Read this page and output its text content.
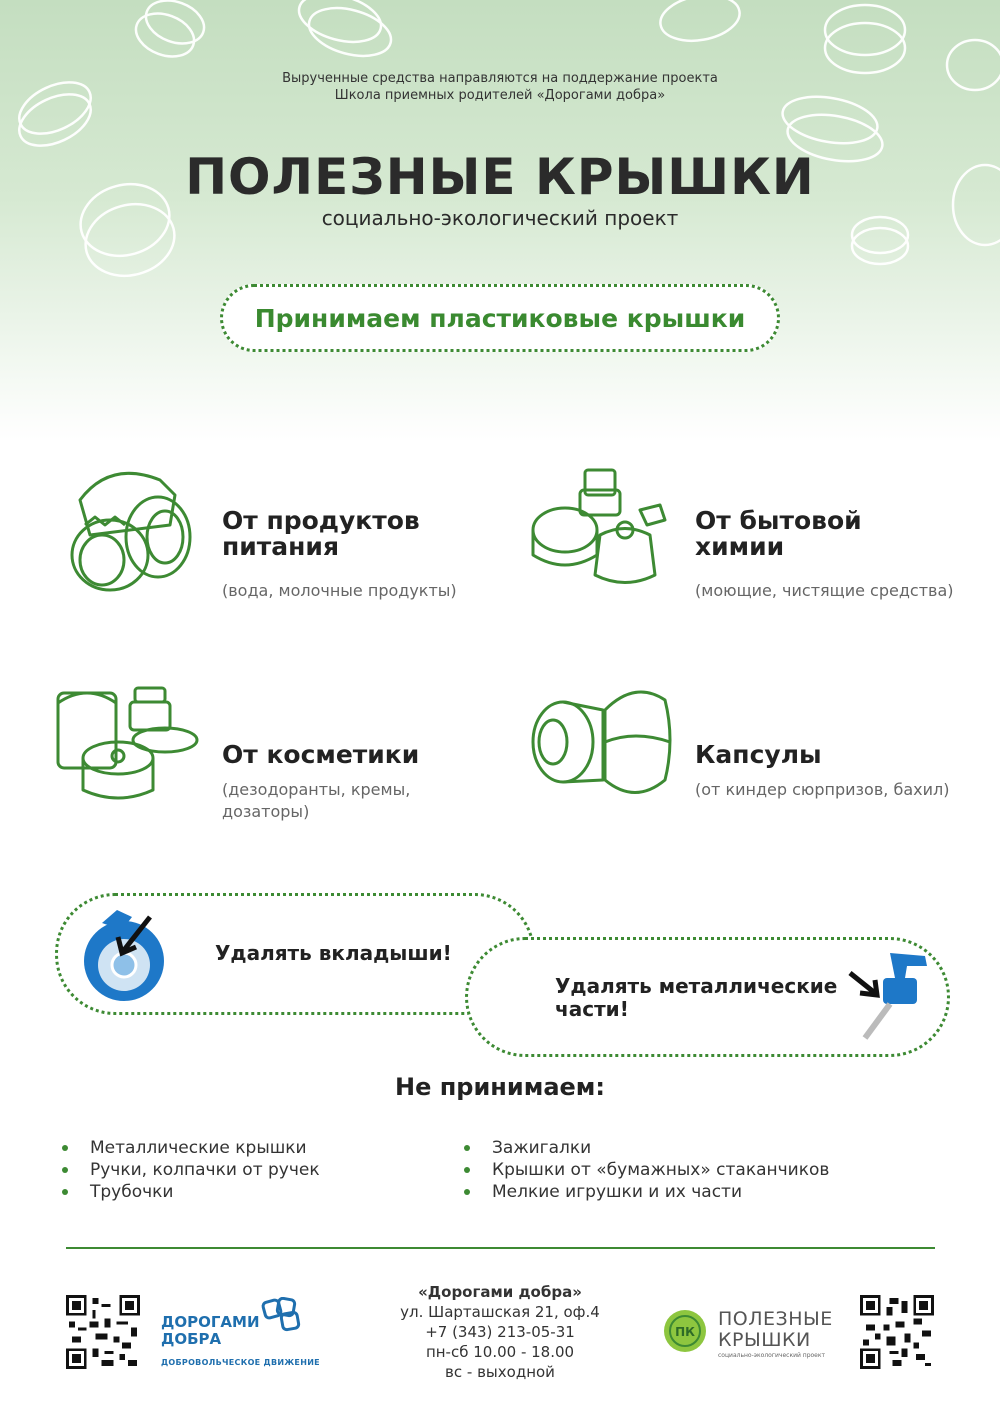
Вырученные средства направляются на поддержание проекта
Школа приемных родителей «Дорогами добра»
ПОЛЕЗНЫЕ КРЫШКИ
социально-экологический проект
Принимаем пластиковые крышки
От продуктов
питания
(вода, молочные продукты)
От бытовой
химии
(моющие, чистящие средства)
От косметики
(дезодоранты, кремы,
дозаторы)
Капсулы
(от киндер сюрпризов, бахил)
Удалять вкладыши!
Удалять металлические
части!
Не принимаем:
Металлические крышки
Ручки, колпачки от ручек
Трубочки
Зажигалки
Крышки от «бумажных» стаканчиков
Мелкие игрушки и их части
ДОРОГАМИ
ДОБРА
ДОБРОВОЛЬЧЕСКОЕ ДВИЖЕНИЕ
«Дорогами добра»
ул. Шарташская 21, оф.4
+7 (343) 213-05-31
пн-сб 10.00 - 18.00
вс - выходной
ПК
ПОЛЕЗНЫЕ
КРЫШКИ
социально-экологический проект
